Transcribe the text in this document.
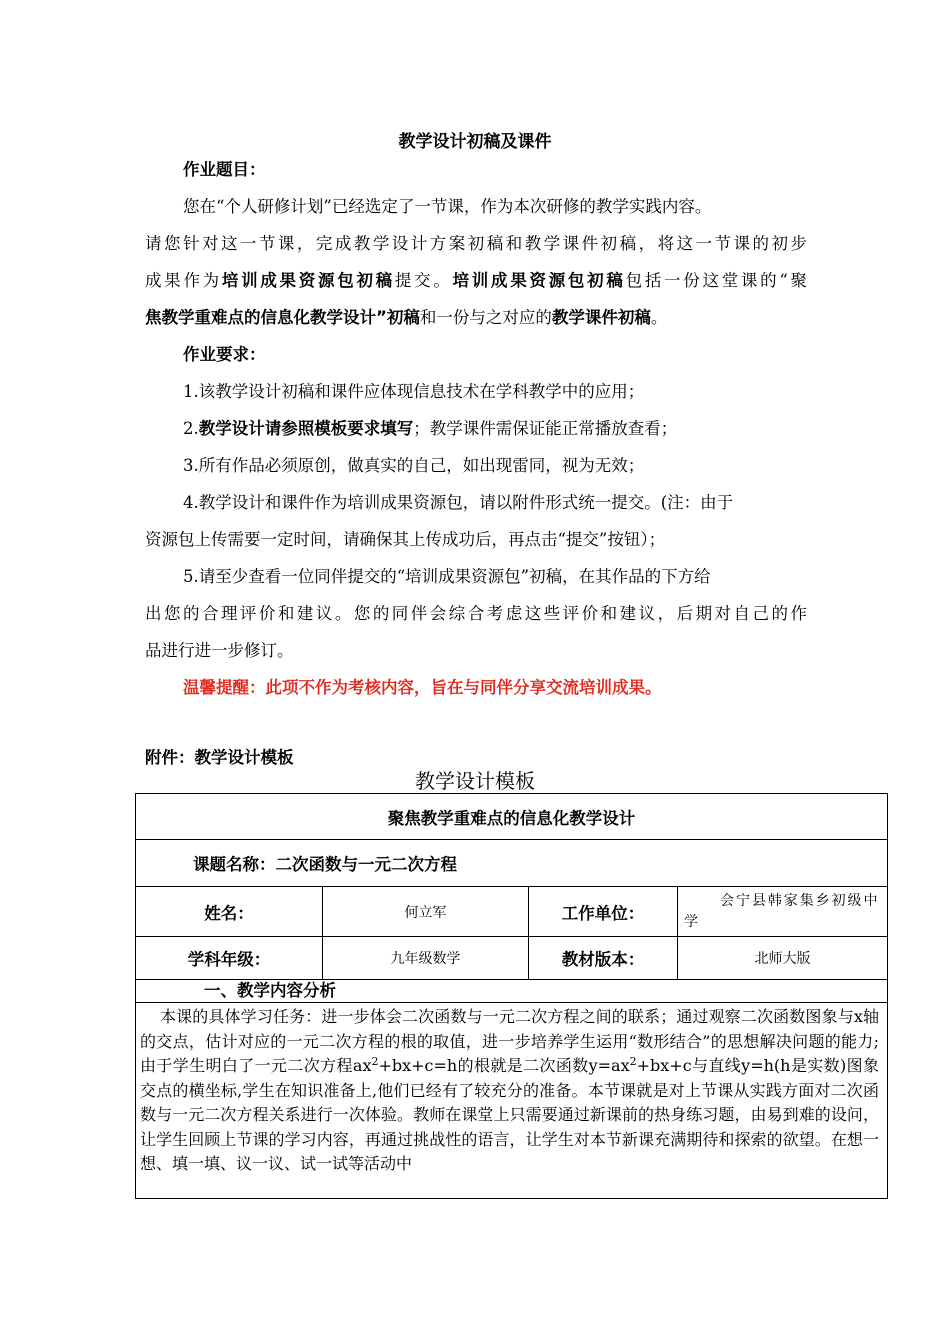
教学设计初稿及课件
作业题目：
您在“个人研修计划”已经选定了一节课，作为本次研修的教学实践内容。
请您针对这一节课，完成教学设计方案初稿和教学课件初稿，将这一节课的初步
成果作为培训成果资源包初稿提交。培训成果资源包初稿包括一份这堂课的“聚
焦教学重难点的信息化教学设计”初稿和一份与之对应的教学课件初稿。
作业要求：
1.该教学设计初稿和课件应体现信息技术在学科教学中的应用；
2.教学设计请参照模板要求填写；教学课件需保证能正常播放查看；
3.所有作品必须原创，做真实的自己，如出现雷同，视为无效；
4.教学设计和课件作为培训成果资源包，请以附件形式统一提交。(注：由于
资源包上传需要一定时间，请确保其上传成功后，再点击“提交”按钮）；
5.请至少查看一位同伴提交的“培训成果资源包”初稿，在其作品的下方给
出您的合理评价和建议。您的同伴会综合考虑这些评价和建议，后期对自己的作
品进行进一步修订。
温馨提醒：此项不作为考核内容，旨在与同伴分享交流培训成果。
附件：教学设计模板
教学设计模板
聚焦教学重难点的信息化教学设计			
课题名称：二次函数与一元二次方程			
姓名：	何立军	工作单位：	会宁县韩家集乡初级中学
学科年级：	九年级数学	教材版本：	北师大版
一、教学内容分析			
本课的具体学习任务：进一步体会二次函数与一元二次方程之间的联系；通过观察二次函数图象与x轴的交点，估计对应的一元二次方程的根的取值，进一步培养学生运用“数形结合”的思想解决问题的能力;由于学生明白了一元二次方程$ax^2+bx+c=h$的根就是二次函数$y=ax^2+bx+c$与直线y=h(h是实数)图象交点的横坐标,学生在知识准备上,他们已经有了较充分的准备。本节课就是对上节课从实践方面对二次函数与一元二次方程关系进行一次体验。教师在课堂上只需要通过新课前的热身练习题，由易到难的设问，让学生回顾上节课的学习内容，再通过挑战性的语言，让学生对本节新课充满期待和探索的欲望。在想一想、填一填、议一议、试一试等活动中			
